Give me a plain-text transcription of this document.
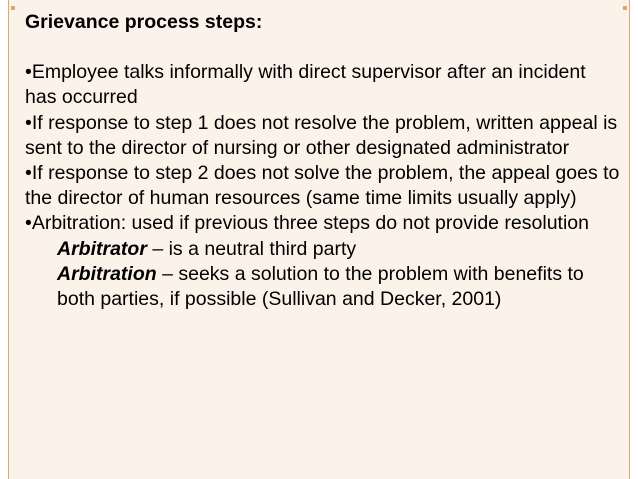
Grievance process steps:

•Employee talks informally with direct supervisor after an incident has occurred

•If response to step 1 does not resolve the problem, written appeal is sent to the director of nursing or other designated administrator

•If response to step 2 does not solve the problem, the appeal goes to the director of human resources (same time limits usually apply)

•Arbitration: used if previous three steps do not provide resolution

Arbitrator – is a neutral third party

Arbitration – seeks a solution to the problem with benefits to both parties, if possible (Sullivan and Decker, 2001)
